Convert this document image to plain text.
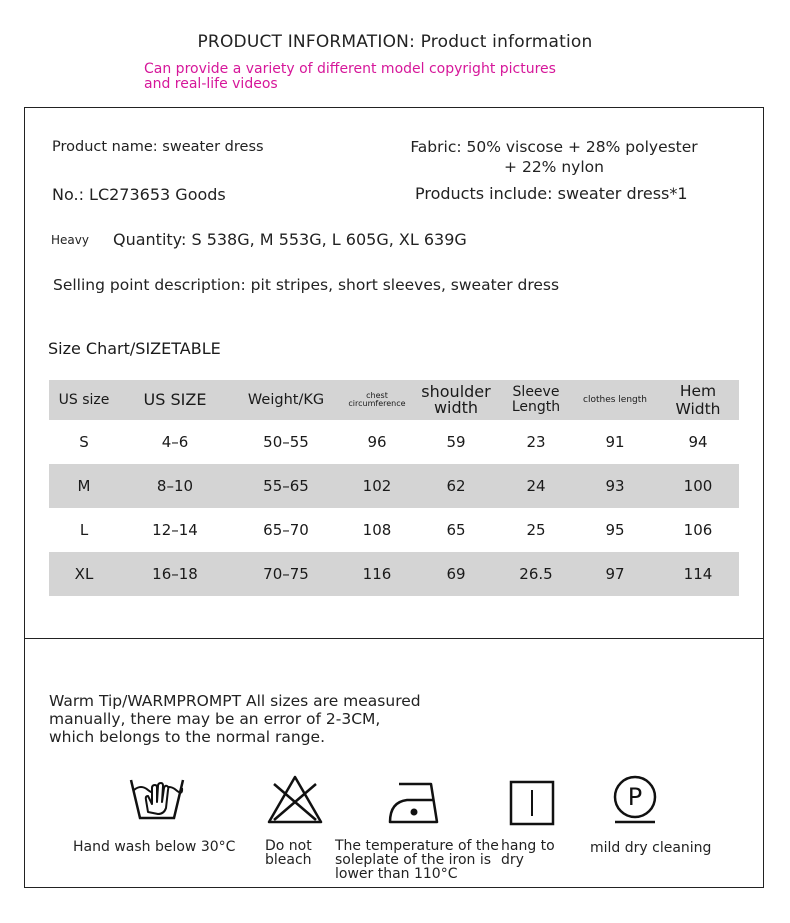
PRODUCT INFORMATION: Product information
Can provide a variety of different model copyright pictures and real-life videos
Product name: sweater dress	Fabric: 50% viscose + 28% polyester + 22% nylon
No.: LC273653 Goods	Products include: sweater dress*1
Heavy Quantity: S 538G, M 553G, L 605G, XL 639G
Selling point description: pit stripes, short sleeves, sweater dress
Size Chart/SIZETABLE
US size	US SIZE	Weight/KG	chest circumference	shoulder width	Sleeve Length	clothes length	Hem Width
S	4–6	50–55	96	59	23	91	94
M	8–10	55–65	102	62	24	93	100
L	12–14	65–70	108	65	25	95	106
XL	16–18	70–75	116	69	26.5	97	114
Warm Tip/WARMPROMPT All sizes are measured manually, there may be an error of 2-3CM, which belongs to the normal range.
P
Hand wash below 30°C Do not bleach
The temperature of the soleplate of the iron is lower than 110°C
hang to dry
mild dry cleaning
